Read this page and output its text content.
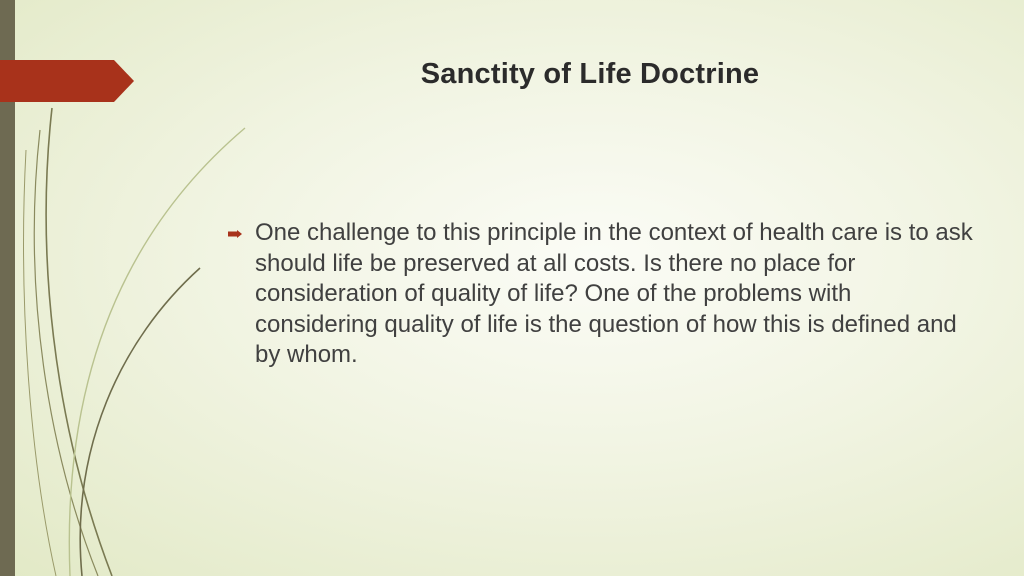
Sanctity of Life Doctrine

One challenge to this principle in the context of health care is to ask should life be preserved at all costs. Is there no place for consideration of quality of life? One of the problems with considering quality of life is the question of how this is defined and by whom.
